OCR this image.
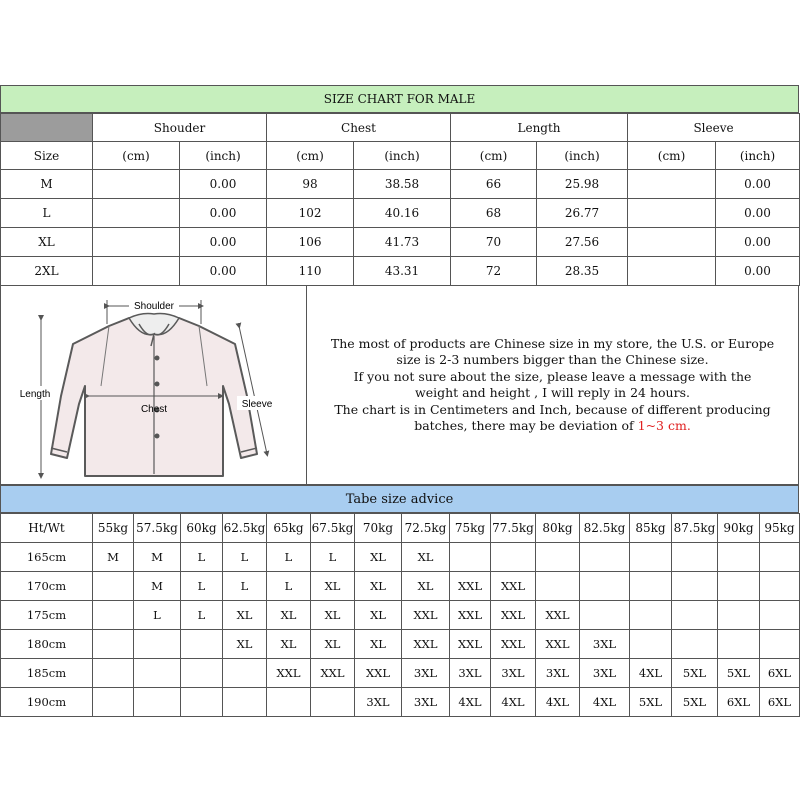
SIZE CHART FOR MALE
	Shouder		Chest		Length		Sleeve	
Size	(cm)	(inch)	(cm)	(inch)	(cm)	(inch)	(cm)	(inch)
M		0.00	98	38.58	66	25.98		0.00
L		0.00	102	40.16	68	26.77		0.00
XL		0.00	106	41.73	70	27.56		0.00
2XL		0.00	110	43.31	72	28.35		0.00
Shoulder
Chest
Length
Sleeve
The most of products are Chinese size in my store, the U.S. or Europe
size is 2-3 numbers bigger than the Chinese size.
If you not sure about the size, please leave a message with the
weight and height , I will reply in 24 hours.
The chart is in Centimeters and Inch, because of different producing
batches, there may be deviation of 1~3 cm.
Tabe size advice
Ht/Wt	55kg	57.5kg	60kg	62.5kg	65kg	67.5kg	70kg	72.5kg	75kg	77.5kg	80kg	82.5kg	85kg	87.5kg	90kg	95kg
165cm	M	M	L	L	L	L	XL	XL								
170cm		M	L	L	L	XL	XL	XL	XXL	XXL						
175cm		L	L	XL	XL	XL	XL	XXL	XXL	XXL	XXL					
180cm				XL	XL	XL	XL	XXL	XXL	XXL	XXL	3XL				
185cm					XXL	XXL	XXL	3XL	3XL	3XL	3XL	3XL	4XL	5XL	5XL	6XL
190cm							3XL	3XL	4XL	4XL	4XL	4XL	5XL	5XL	6XL	6XL
